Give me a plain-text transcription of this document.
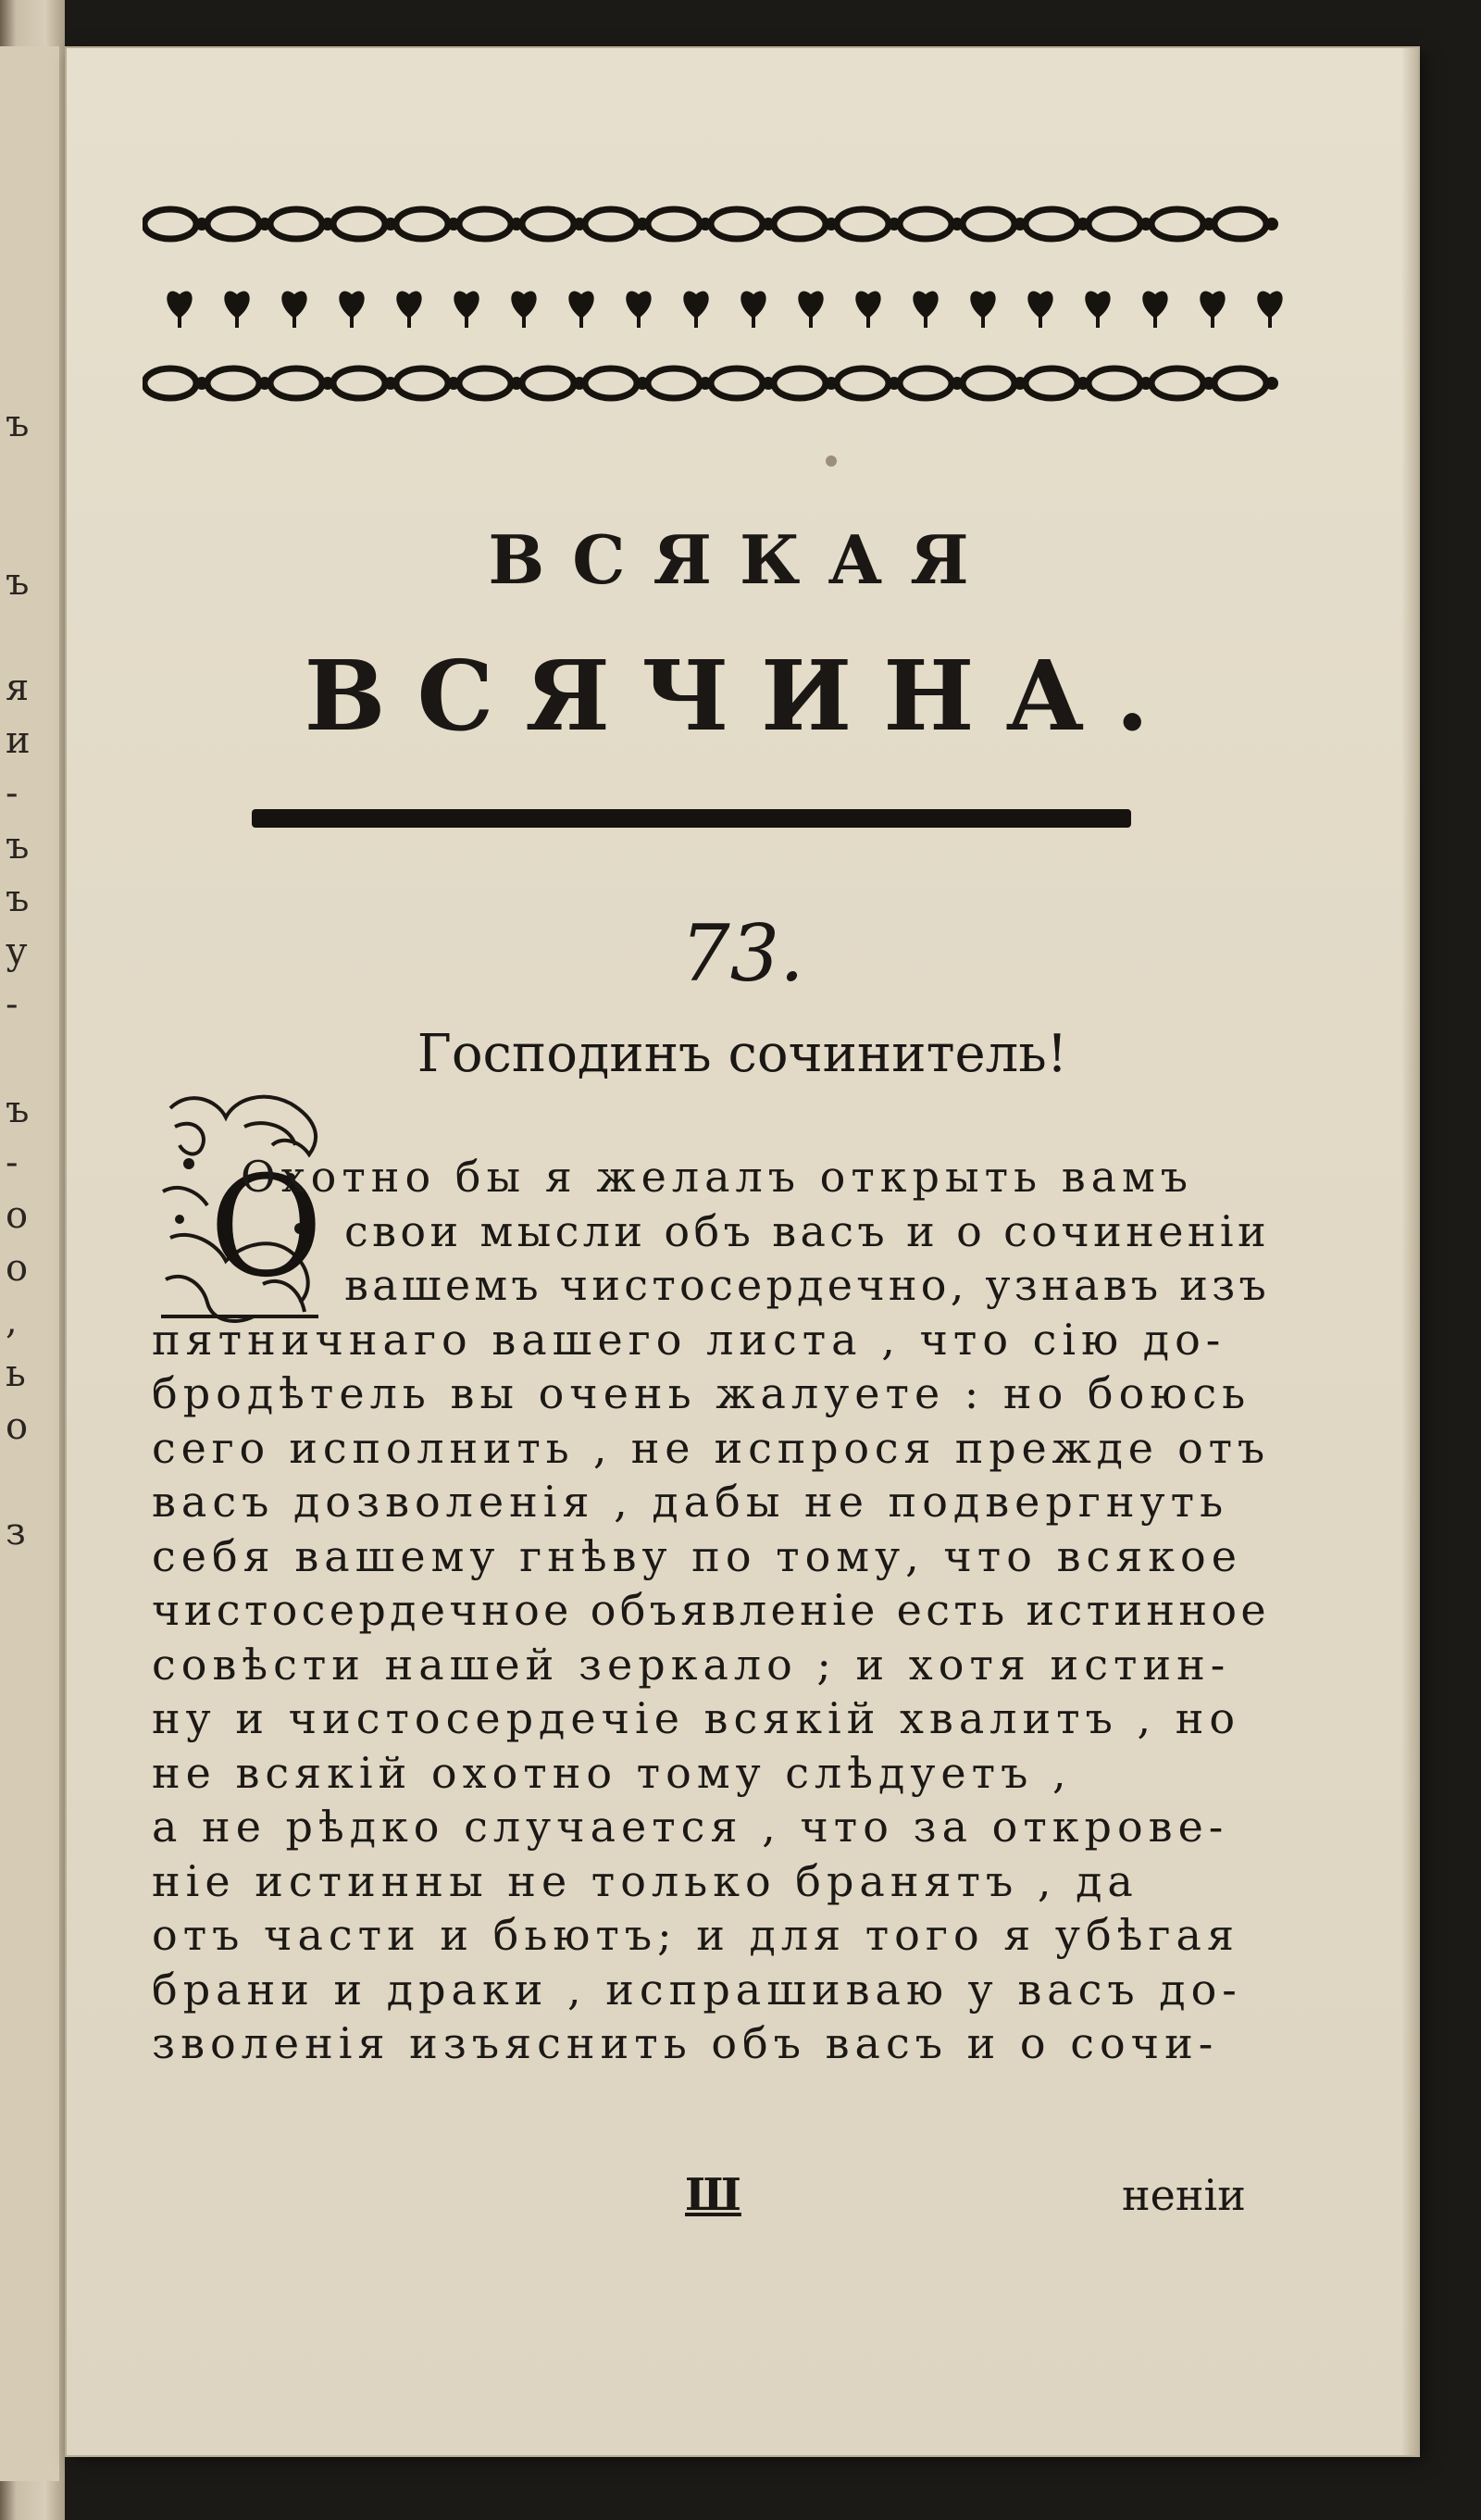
ъ
ъ
я
и
-
ъ
ъ
у
-
ъ
-
о
о
,
ь
о
з
ВСЯКАЯ
ВСЯЧИНА.
73.
Господинъ сочинитель!
О
Охотно бы я желалъ открыть вамъ
свои мысли объ васъ и о сочиненіи
вашемъ чистосердечно, узнавъ изъ
пятничнаго вашего листа , что сію до-
бродѣтель вы очень жалуете : но боюсь
сего исполнить , не испрося прежде отъ
васъ дозволенія , дабы не подвергнуть
себя вашему гнѣву по тому, что всякое
чистосердечное объявленіе есть истинное
совѣсти нашей зеркало ; и хотя истин-
ну и чистосердечіе всякій хвалитъ , но
не всякій охотно тому слѣдуетъ ,
а не рѣдко случается , что за открове-
ніе истинны не только бранятъ , да
отъ части и бьютъ; и для того я убѣгая
брани и драки , испрашиваю у васъ до-
зволенія изъяснить объ васъ и о сочи-
Ш	неніи
